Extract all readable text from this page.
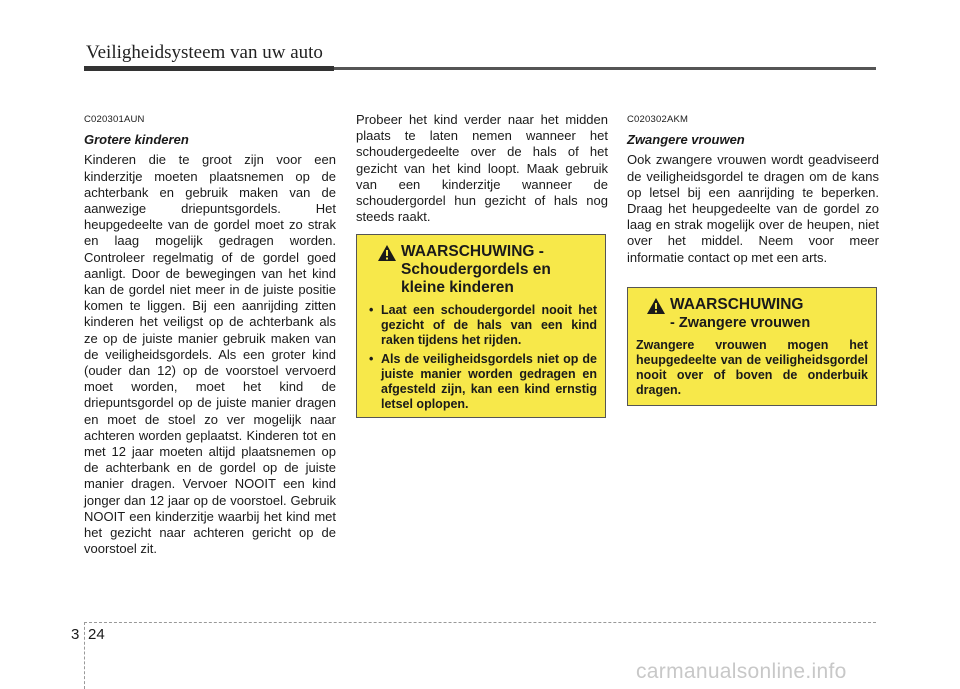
Veiligheidsysteem van uw auto
C020301AUN
Grotere kinderen

Kinderen die te groot zijn voor een kinderzitje moeten plaatsnemen op de achterbank en gebruik maken van de aanwezige driepuntsgordels. Het heupgedeelte van de gordel moet zo strak en laag mogelijk gedragen worden. Controleer regelmatig of de gordel goed aanligt. Door de bewegingen van het kind kan de gordel niet meer in de juiste positie komen te liggen. Bij een aanrijding zitten kinderen het veiligst op de achterbank als ze op de juiste manier gebruik maken van de veiligheidsgordels. Als een groter kind (ouder dan 12) op de voorstoel vervoerd moet worden, moet het kind de driepuntsgordel op de juiste manier dragen en moet de stoel zo ver mogelijk naar achteren worden geplaatst. Kinderen tot en met 12 jaar moeten altijd plaatsnemen op de achterbank en de gordel op de juiste manier dragen. Vervoer NOOIT een kind jonger dan 12 jaar op de voorstoel. Gebruik NOOIT een kinderzitje waarbij het kind met het gezicht naar achteren gericht op de voorstoel zit.

Probeer het kind verder naar het midden plaats te laten nemen wanneer het schoudergedeelte over de hals of het gezicht van het kind loopt. Maak gebruik van een kinderzitje wanneer de schoudergordel hun gezicht of hals nog steeds raakt.

WAARSCHUWING -
Schoudergordels en kleine kinderen
• Laat een schoudergordel nooit het gezicht of de hals van een kind raken tijdens het rijden.
• Als de veiligheidsgordels niet op de juiste manier worden gedragen en afgesteld zijn, kan een kind ernstig letsel oplopen.
C020302AKM
Zwangere vrouwen

Ook zwangere vrouwen wordt geadviseerd de veiligheidsgordel te dragen om de kans op letsel bij een aanrijding te beperken. Draag het heupgedeelte van de gordel zo laag en strak mogelijk over de heupen, niet over het middel. Neem voor meer informatie contact op met een arts.

WAARSCHUWING
- Zwangere vrouwen

Zwangere vrouwen mogen het heupgedeelte van de veiligheidsgordel nooit over of boven de onderbuik dragen.

3 24
carmanualsonline.info
